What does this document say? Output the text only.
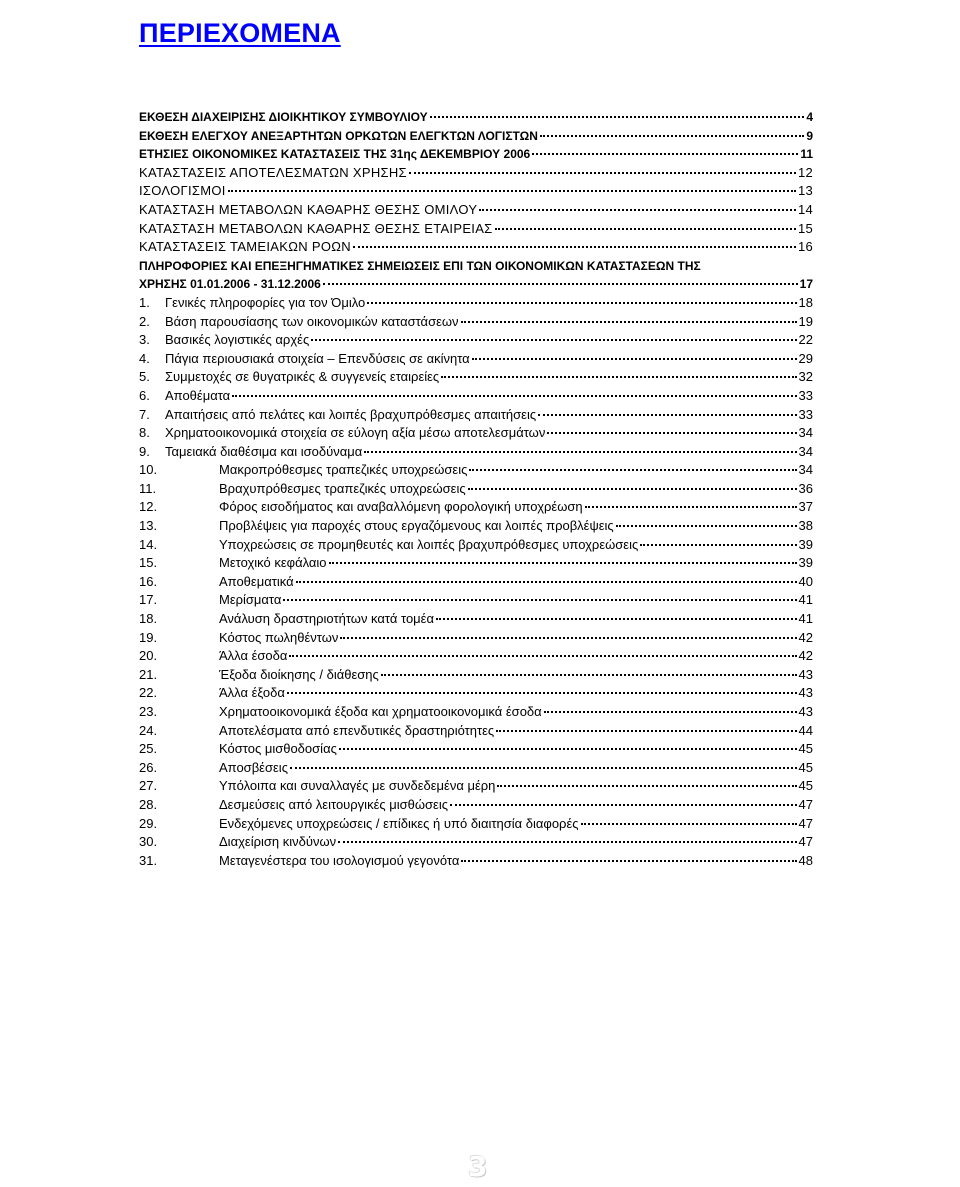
ΠΕΡΙΕΧΟΜΕΝΑ
ΕΚΘΕΣΗ ΔΙΑΧΕΙΡΙΣΗΣ ΔΙΟΙΚΗΤΙΚΟΥ ΣΥΜΒΟΥΛΙΟΥ	4
ΕΚΘΕΣΗ ΕΛΕΓΧΟΥ ΑΝΕΞΑΡΤΗΤΩΝ ΟΡΚΩΤΩΝ ΕΛΕΓΚΤΩΝ ΛΟΓΙΣΤΩΝ	9
ΕΤΗΣΙΕΣ ΟΙΚΟΝΟΜΙΚΕΣ ΚΑΤΑΣΤΑΣΕΙΣ ΤΗΣ 31ης ΔΕΚΕΜΒΡΙΟΥ 2006	11
ΚΑΤΑΣΤΑΣΕΙΣ ΑΠΟΤΕΛΕΣΜΑΤΩΝ ΧΡΗΣΗΣ	12
ΙΣΟΛΟΓΙΣΜΟΙ	13
ΚΑΤΑΣΤΑΣΗ ΜΕΤΑΒΟΛΩΝ ΚΑΘΑΡΗΣ ΘΕΣΗΣ ΟΜΙΛΟΥ	14
ΚΑΤΑΣΤΑΣΗ ΜΕΤΑΒΟΛΩΝ ΚΑΘΑΡΗΣ ΘΕΣΗΣ ΕΤΑΙΡΕΙΑΣ	15
ΚΑΤΑΣΤΑΣΕΙΣ ΤΑΜΕΙΑΚΩΝ ΡΟΩΝ	16
ΠΛΗΡΟΦΟΡΙΕΣ ΚΑΙ ΕΠΕΞΗΓΗΜΑΤΙΚΕΣ ΣΗΜΕΙΩΣΕΙΣ ΕΠΙ ΤΩΝ ΟΙΚΟΝΟΜΙΚΩΝ ΚΑΤΑΣΤΑΣΕΩΝ ΤΗΣ
ΧΡΗΣΗΣ 01.01.2006 - 31.12.2006	17
1.	Γενικές πληροφορίες για τον Όμιλο	18
2.	Βάση παρουσίασης των οικονομικών καταστάσεων	19
3.	Βασικές λογιστικές αρχές	22
4.	Πάγια περιουσιακά στοιχεία – Επενδύσεις σε ακίνητα	29
5.	Συμμετοχές σε θυγατρικές & συγγενείς εταιρείες	32
6.	Αποθέματα	33
7.	Απαιτήσεις από πελάτες και λοιπές βραχυπρόθεσμες απαιτήσεις	33
8.	Χρηματοοικονομικά στοιχεία σε εύλογη αξία μέσω αποτελεσμάτων	34
9.	Ταμειακά διαθέσιμα και ισοδύναμα	34
10.	Μακροπρόθεσμες τραπεζικές υποχρεώσεις	34
11.	Βραχυπρόθεσμες τραπεζικές υποχρεώσεις	36
12.	Φόρος εισοδήματος και αναβαλλόμενη φορολογική υποχρέωση	37
13.	Προβλέψεις για παροχές στους εργαζόμενους και λοιπές προβλέψεις	38
14.	Υποχρεώσεις σε προμηθευτές και λοιπές βραχυπρόθεσμες υποχρεώσεις	39
15.	Μετοχικό κεφάλαιο	39
16.	Αποθεματικά	40
17.	Μερίσματα	41
18.	Ανάλυση δραστηριοτήτων κατά τομέα	41
19.	Κόστος πωληθέντων	42
20.	Άλλα έσοδα	42
21.	Έξοδα διοίκησης / διάθεσης	43
22.	Άλλα έξοδα	43
23.	Χρηματοοικονομικά έξοδα και χρηματοοικονομικά έσοδα	43
24.	Αποτελέσματα από επενδυτικές δραστηριότητες	44
25.	Κόστος μισθοδοσίας	45
26.	Αποσβέσεις	45
27.	Υπόλοιπα και συναλλαγές με συνδεδεμένα μέρη	45
28.	Δεσμεύσεις από λειτουργικές μισθώσεις	47
29.	Ενδεχόμενες υποχρεώσεις / επίδικες ή υπό διαιτησία διαφορές	47
30.	Διαχείριση κινδύνων	47
31.	Μεταγενέστερα του ισολογισμού γεγονότα	48
3
